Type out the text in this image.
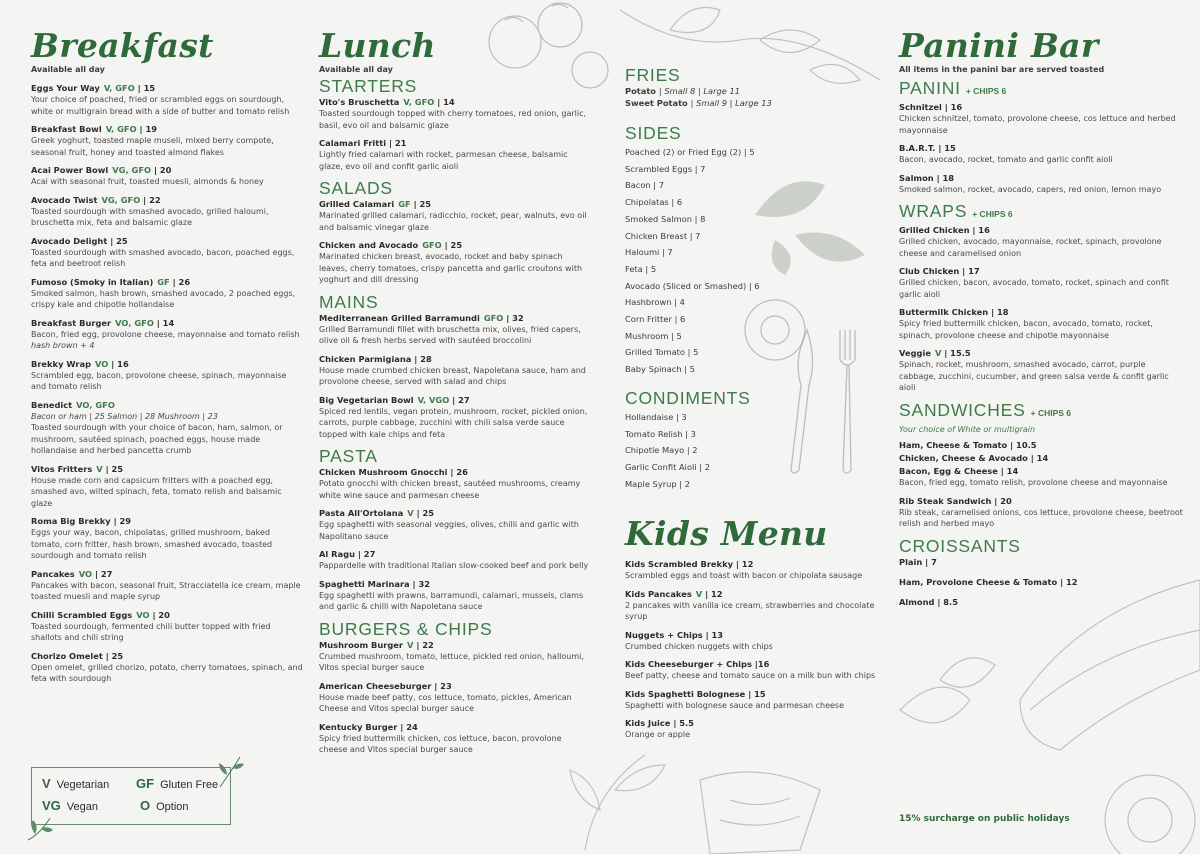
Breakfast
Available all day
Eggs Your Way V, GFO | 15
Your choice of poached, fried or scrambled eggs on sourdough, white or multigrain bread with a side of butter and tomato relish
Breakfast Bowl V, GFO | 19
Greek yoghurt, toasted maple museli, mixed berry compote, seasonal fruit, honey and toasted almond flakes
Acai Power Bowl VG, GFO | 20
Acai with seasonal fruit, toasted muesli, almonds & honey
Avocado Twist VG, GFO | 22
Toasted sourdough with smashed avocado, grilled haloumi, bruschetta mix, feta and balsamic glaze
Avocado Delight | 25
Toasted sourdough with smashed avocado, bacon, poached eggs, feta and beetroot relish
Fumoso (Smoky in Italian) GF | 26
Smoked salmon, hash brown, smashed avocado, 2 poached eggs, crispy kale and chipotle hollandaise
Breakfast Burger VO, GFO | 14
Bacon, fried egg, provolone cheese, mayonnaise and tomato relish
hash brown + 4
Brekky Wrap VO | 16
Scrambled egg, bacon, provolone cheese, spinach, mayonnaise and tomato relish
Benedict VO, GFO
Bacon or ham | 25 Salmon | 28 Mushroom | 23
Toasted sourdough with your choice of bacon, ham, salmon, or mushroom, sautéed spinach, poached eggs, house made hollandaise and herbed pancetta crumb
Vitos Fritters V | 25
House made corn and capsicum fritters with a poached egg, smashed avo, wilted spinach, feta, tomato relish and balsamic glaze
Roma Big Brekky | 29
Eggs your way, bacon, chipolatas, grilled mushroom, baked tomato, corn fritter, hash brown, smashed avocado, toasted sourdough and tomato relish
Pancakes VO | 27
Pancakes with bacon, seasonal fruit, Stracciatella ice cream, maple toasted muesli and maple syrup
Chilli Scrambled Eggs VO | 20
Toasted sourdough, fermented chili butter topped with fried shallots and chili string
Chorizo Omelet | 25
Open omelet, grilled chorizo, potato, cherry tomatoes, spinach, and feta with sourdough
V Vegetarian GF Gluten Free
VG Vegan	O Option
Lunch
Available all day
STARTERS
Vito's Bruschetta V, GFO | 14
Toasted sourdough topped with cherry tomatoes, red onion, garlic, basil, evo oil and balsamic glaze
Calamari Fritti | 21
Lightly fried calamari with rocket, parmesan cheese, balsamic glaze, evo oil and confit garlic aioli
SALADS
Grilled Calamari GF | 25
Marinated grilled calamari, radicchio, rocket, pear, walnuts, evo oil and balsamic vinegar glaze
Chicken and Avocado GFO | 25
Marinated chicken breast, avocado, rocket and baby spinach leaves, cherry tomatoes, crispy pancetta and garlic croutons with yoghurt and dill dressing
MAINS
Mediterranean Grilled Barramundi GFO | 32
Grilled Barramundi fillet with bruschetta mix, olives, fried capers, olive oil & fresh herbs served with sautéed broccolini
Chicken Parmigiana | 28
House made crumbed chicken breast, Napoletana sauce, ham and provolone cheese, served with salad and chips
Big Vegetarian Bowl V, VGO | 27
Spiced red lentils, vegan protein, mushroom, rocket, pickled onion, carrots, purple cabbage, zucchini with chili salsa verde sauce topped with kale chips and feta
PASTA
Chicken Mushroom Gnocchi | 26
Potato gnocchi with chicken breast, sautéed mushrooms, creamy white wine sauce and parmesan cheese
Pasta All'Ortolana V | 25
Egg spaghetti with seasonal veggies, olives, chilli and garlic with Napolitano sauce
Al Ragu | 27
Pappardelle with traditional Italian slow-cooked beef and pork belly
Spaghetti Marinara | 32
Egg spaghetti with prawns, barramundi, calamari, mussels, clams and garlic & chilli with Napoletana sauce
BURGERS & CHIPS
Mushroom Burger V | 22
Crumbed mushroom, tomato, lettuce, pickled red onion, halloumi, Vitos special burger sauce
American Cheeseburger | 23
House made beef patty, cos lettuce, tomato, pickles, American Cheese and Vitos special burger sauce
Kentucky Burger | 24
Spicy fried buttermilk chicken, cos lettuce, bacon, provolone cheese and Vitos special burger sauce
FRIES
Potato | Small 8 | Large 11
Sweet Potato | Small 9 | Large 13
SIDES
Poached (2) or Fried Egg (2) | 5
Scrambled Eggs | 7
Bacon | 7
Chipolatas | 6
Smoked Salmon | 8
Chicken Breast | 7
Haloumi | 7
Feta | 5
Avocado (Sliced or Smashed) | 6
Hashbrown | 4
Corn Fritter | 6
Mushroom | 5
Grilled Tomato | 5
Baby Spinach | 5
CONDIMENTS
Hollandaise | 3
Tomato Relish | 3
Chipotle Mayo | 2
Garlic Confit Aioli | 2
Maple Syrup | 2
Kids Menu
Kids Scrambled Brekky | 12
Scrambled eggs and toast with bacon or chipolata sausage
Kids Pancakes V | 12
2 pancakes with vanilla ice cream, strawberries and chocolate syrup
Nuggets + Chips | 13
Crumbed chicken nuggets with chips
Kids Cheeseburger + Chips |16
Beef patty, cheese and tomato sauce on a milk bun with chips
Kids Spaghetti Bolognese | 15
Spaghetti with bolognese sauce and parmesan cheese
Kids Juice | 5.5
Orange or apple
Panini Bar
All items in the panini bar are served toasted
PANINI + CHIPS 6
Schnitzel | 16
Chicken schnitzel, tomato, provolone cheese, cos lettuce and herbed mayonnaise
B.A.R.T. | 15
Bacon, avocado, rocket, tomato and garlic confit aioli
Salmon | 18
Smoked salmon, rocket, avocado, capers, red onion, lemon mayo
WRAPS + CHIPS 6
Grilled Chicken | 16
Grilled chicken, avocado, mayonnaise, rocket, spinach, provolone cheese and caramelised onion
Club Chicken | 17
Grilled chicken, bacon, avocado, tomato, rocket, spinach and confit garlic aioli
Buttermilk Chicken | 18
Spicy fried buttermilk chicken, bacon, avocado, tomato, rocket, spinach, provolone cheese and chipotle mayonnaise
Veggie V | 15.5
Spinach, rocket, mushroom, smashed avocado, carrot, purple cabbage, zucchini, cucumber, and green salsa verde & confit garlic aioli
SANDWICHES + CHIPS 6
Your choice of White or multigrain
Ham, Cheese & Tomato | 10.5
Chicken, Cheese & Avocado | 14
Bacon, Egg & Cheese | 14
Bacon, fried egg, tomato relish, provolone cheese and mayonnaise
Rib Steak Sandwich | 20
Rib steak, caramelised onions, cos lettuce, provolone cheese, beetroot relish and herbed mayo
CROISSANTS
Plain | 7
Ham, Provolone Cheese & Tomato | 12
Almond | 8.5
15% surcharge on public holidays
